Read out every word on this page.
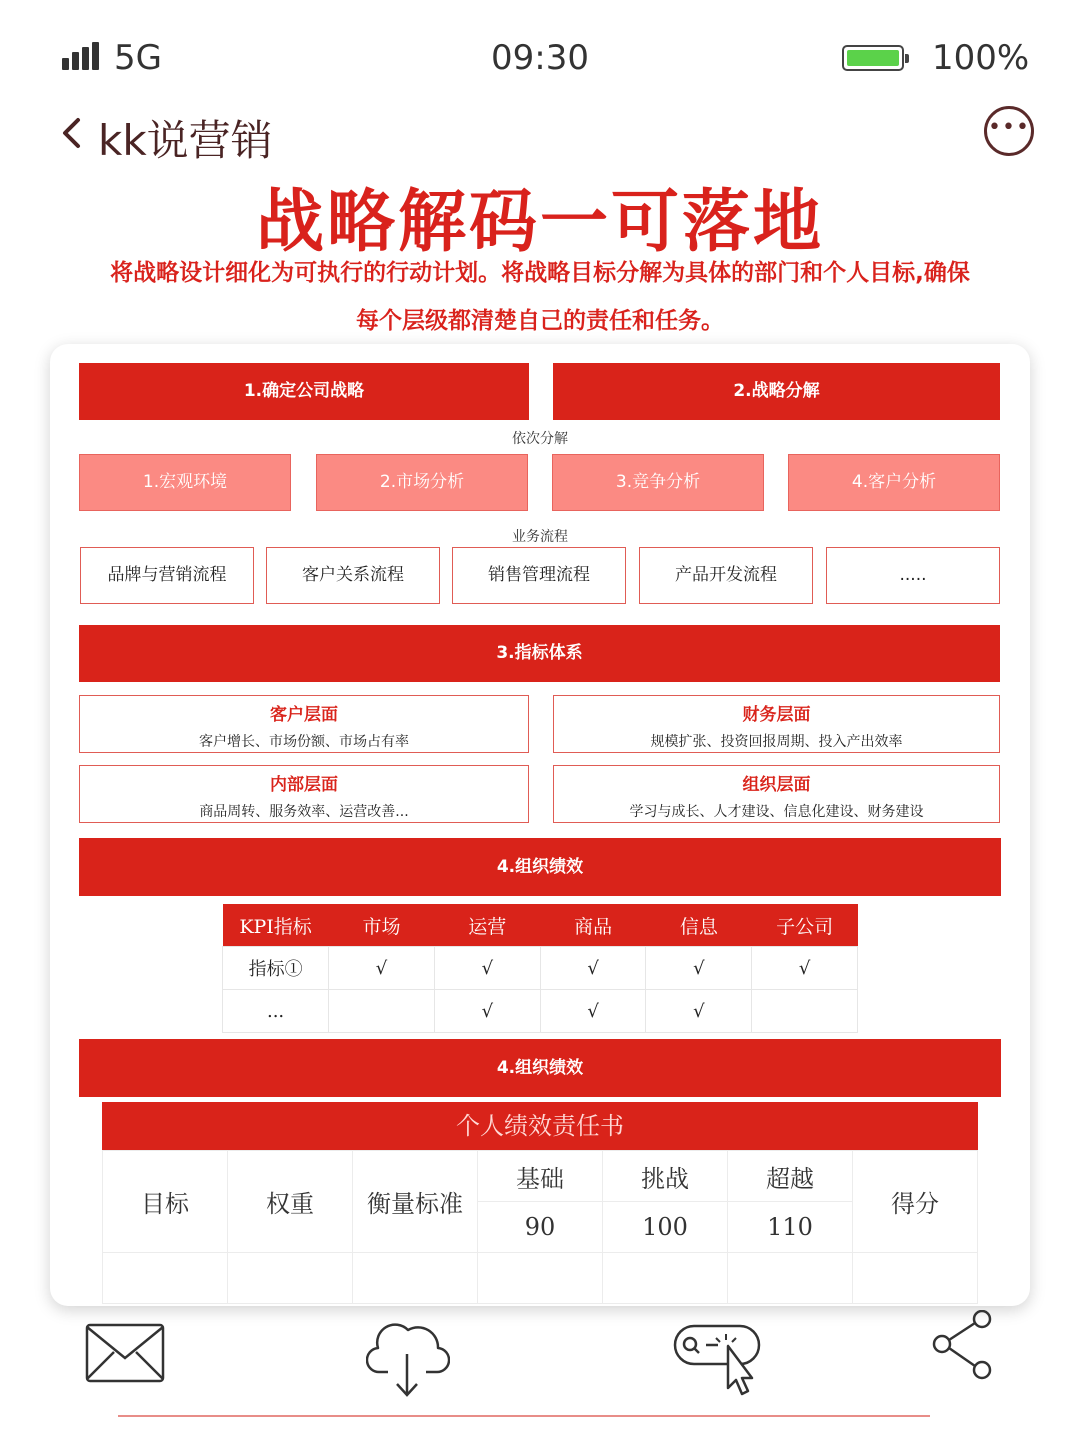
5G	09:30	100%
kk说营销	•••
战略解码一可落地
将战略设计细化为可执行的行动计划。将战略目标分解为具体的部门和个人目标,确保
每个层级都清楚自己的责任和任务。
1.确定公司战略	2.战略分解
依次分解
1.宏观环境	2.市场分析	3.竞争分析	4.客户分析
业务流程
品牌与营销流程	客户关系流程	销售管理流程	产品开发流程	.....
3.指标体系
客户层面
客户增长、市场份额、市场占有率
财务层面
规模扩张、投资回报周期、投入产出效率
内部层面
商品周转、服务效率、运营改善...
组织层面
学习与成长、人才建设、信息化建设、财务建设
4.组织绩效
4.组织绩效
KPI指标	市场	运营	商品	信息	子公司
指标①	√	√	√	√	√
...		√	√	√	
个人绩效责任书
目标	权重	衡量标准	基础	挑战	超越	得分
			90	100	110	
